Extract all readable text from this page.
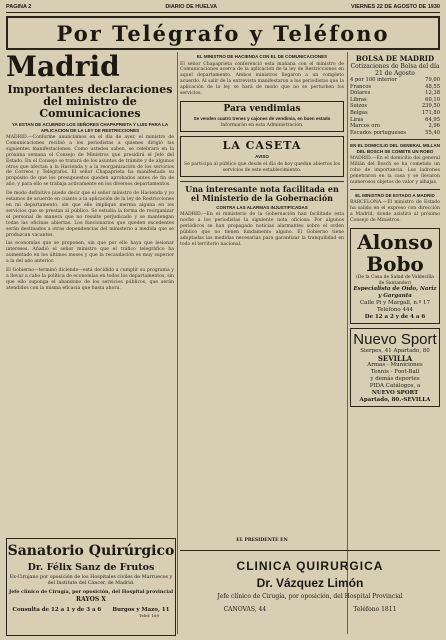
PAGINA 2	DIARIO DE HUELVA	VIERNES 22 DE AGOSTO DE 1930
Por Telégrafo y Teléfono
Madrid
Importantes declaraciones del ministro de Comunicaciones
YA ESTAN DE ACUERDO LOS SEÑORES CHAPAPRIETA Y LUIS PARA LA APLICACION DE LA LEY DE RESTRICCIONES
MADRID.—Conforme anunciamos en el día de ayer, el ministro de Comunicaciones recibió a los periodistas a quienes dirigió las siguientes manifestaciones: Como ustedes saben, se celebrará en la próxima semana el Consejo de Ministros que presidirá el Jefe del Estado. En el Consejo se tratará de los asuntos de trámite y de algunos otros que afectan a la Hacienda y a la reorganización de los servicios de Correos y Telégrafos. El señor Chapaprieta ha manifestado su propósito de que los presupuestos queden aprobados antes de fin de año, y para ello se trabaja activamente en los diversos departamentos.
De modo definitivo puedo decir que el señor ministro de Hacienda y yo estamos de acuerdo en cuanto a la aplicación de la ley de Restricciones en mi departamento, sin que ello implique merma alguna en los servicios que se prestan al público. Se estudia la forma de reorganizar el personal de manera que no resulte perjudicado y se mantengan todas las oficinas abiertas. Los funcionarios que queden excedentes serán destinados a otras dependencias del ministerio a medida que se produzcan vacantes.
las economías que se proponen, sin que por ello haya que lesionar intereses. Añadió el señor ministro que el tráfico telegráfico ha aumentado en los últimos meses y que la recaudación es muy superior a la del año anterior.
El Gobierno—terminó diciendo—está decidido a cumplir su programa y a llevar a cabo la política de economías en todos los departamentos, sin que ello suponga el abandono de los servicios públicos, que serán atendidos con la misma eficacia que hasta ahora.
Sanatorio Quirúrgico
Dr. Félix Sanz de Frutos
Ex-Cirujano por oposición de los Hospitales civiles de Marruecos y del Instituto del Cáncer, de Madrid.
Jefe clínico de Cirugía, por oposición, del Hospital provincial
RAYOS X
Consulta de 12 a 1 y de 3 a 6 Burgos y Mazo, 11
Telef. 169
EL MINISTRO DE HACIENDA CON EL DE COMUNICACIONES
El señor Chapaprieta conferenció esta mañana con el ministro de Comunicaciones acerca de la aplicación de la ley de Restricciones en aquel departamento. Ambos ministros llegaron a un completo acuerdo. Al salir de la entrevista manifestaron a los periodistas que la aplicación de la ley se hará de modo que no se perturben los servicios.
Para vendimias
Se venden cuatro trenes y cajones de vendimia, en buen estado
Informarán en esta Administración.
LA CASETA
AVISO
Se participa al público que desde el día de hoy quedan abiertos los servicios de este establecimiento.
Una interesante nota facilitada en el Ministerio de la Gobernación
CONTRA LAS ALARMAS INJUSTIFICADAS
MADRID.—En el ministerio de la Gobernación han facilitado esta noche a los periodistas la siguiente nota oficiosa: Por algunos periódicos se han propagado noticias alarmantes sobre el orden público que no tienen fundamento alguno. El Gobierno tiene adoptadas las medidas necesarias para garantizar la tranquilidad en todo el territorio nacional.
EL PRESIDENTE EN
BOLSA DE MADRID
Cotizaciones de Bolsa del día 21 de Agosto
4 por 100 interior	79,00
Francos	48,55
Dólares	12,38
Libras	60,10
Suizos	239,50
Belgas	171,80
Liras	64,95
Marcos oro	2,96
Escudos portugueses	55,40
EN EL DOMICILIO DEL GENERAL MILLAN DEL BOSCH SE COMETE UN ROBO
MADRID.—En el domicilio del general Millán del Bosch se ha cometido un robo de importancia. Los ladrones penetraron en la casa y se llevaron numerosos objetos de valor y alhajas.
EL MINISTRO DE ESTADO A MADRID
BARCELONA.—El ministro de Estado ha salido en el expreso con dirección a Madrid, donde asistirá al próximo Consejo de Ministros.
Alonso Bobo
(De la Casa de Salud de Valdecilla de Santander)
Especialista de Oído, Nariz y Garganta
Calle Pi y Margall, n.º 17
Teléfono 444
De 12 a 2 y de 4 a 6
Nuevo Sport
Sierpes, 41 Apartado, 80
SEVILLA
Armas - Municiones
Tennis - Foot-Ball
y demás deportes
PIDA Catálogos, a
NUEVO SPORT
Apartado, 80.-SEVILLA
CLINICA QUIRURGICA
Dr. Vázquez Limón
Jefe clínico de Cirugía, por oposición, del Hospital Provincial
CANOVAS, 44	Teléfono 1811
